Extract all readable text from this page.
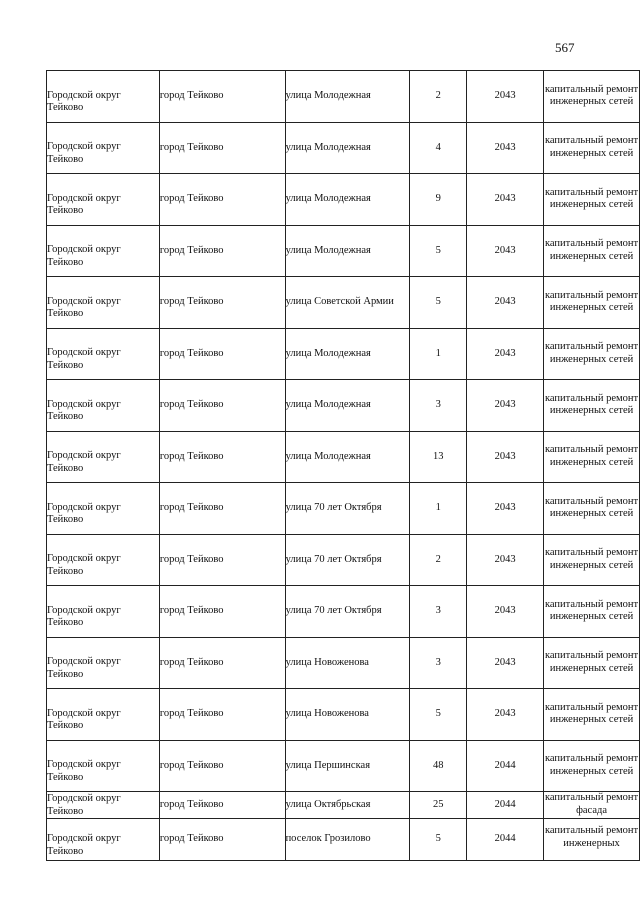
567
Городской округ Тейково	город Тейково	улица Молодежная	2	2043	капитальный ремонт инженерных сетей

Городской округ Тейково	город Тейково	улица Молодежная	4	2043	капитальный ремонт инженерных сетей

Городской округ Тейково	город Тейково	улица Молодежная	9	2043	капитальный ремонт инженерных сетей

Городской округ Тейково	город Тейково	улица Молодежная	5	2043	капитальный ремонт инженерных сетей

Городской округ Тейково	город Тейково	улица Советской Армии	5	2043	капитальный ремонт инженерных сетей

Городской округ Тейково	город Тейково	улица Молодежная	1	2043	капитальный ремонт инженерных сетей

Городской округ Тейково	город Тейково	улица Молодежная	3	2043	капитальный ремонт инженерных сетей

Городской округ Тейково	город Тейково	улица Молодежная	13	2043	капитальный ремонт инженерных сетей

Городской округ Тейково	город Тейково	улица 70 лет Октября	1	2043	капитальный ремонт инженерных сетей

Городской округ Тейково	город Тейково	улица 70 лет Октября	2	2043	капитальный ремонт инженерных сетей

Городской округ Тейково	город Тейково	улица 70 лет Октября	3	2043	капитальный ремонт инженерных сетей

Городской округ Тейково	город Тейково	улица Новоженова	3	2043	капитальный ремонт инженерных сетей

Городской округ Тейково	город Тейково	улица Новоженова	5	2043	капитальный ремонт инженерных сетей

Городской округ Тейково	город Тейково	улица Першинская	48	2044	капитальный ремонт инженерных сетей

Городской округ Тейково	город Тейково	улица Октябрьская	25	2044	капитальный ремонт фасада

Городской округ Тейково	город Тейково	поселок Грозилово	5	2044	капитальный ремонт инженерных
